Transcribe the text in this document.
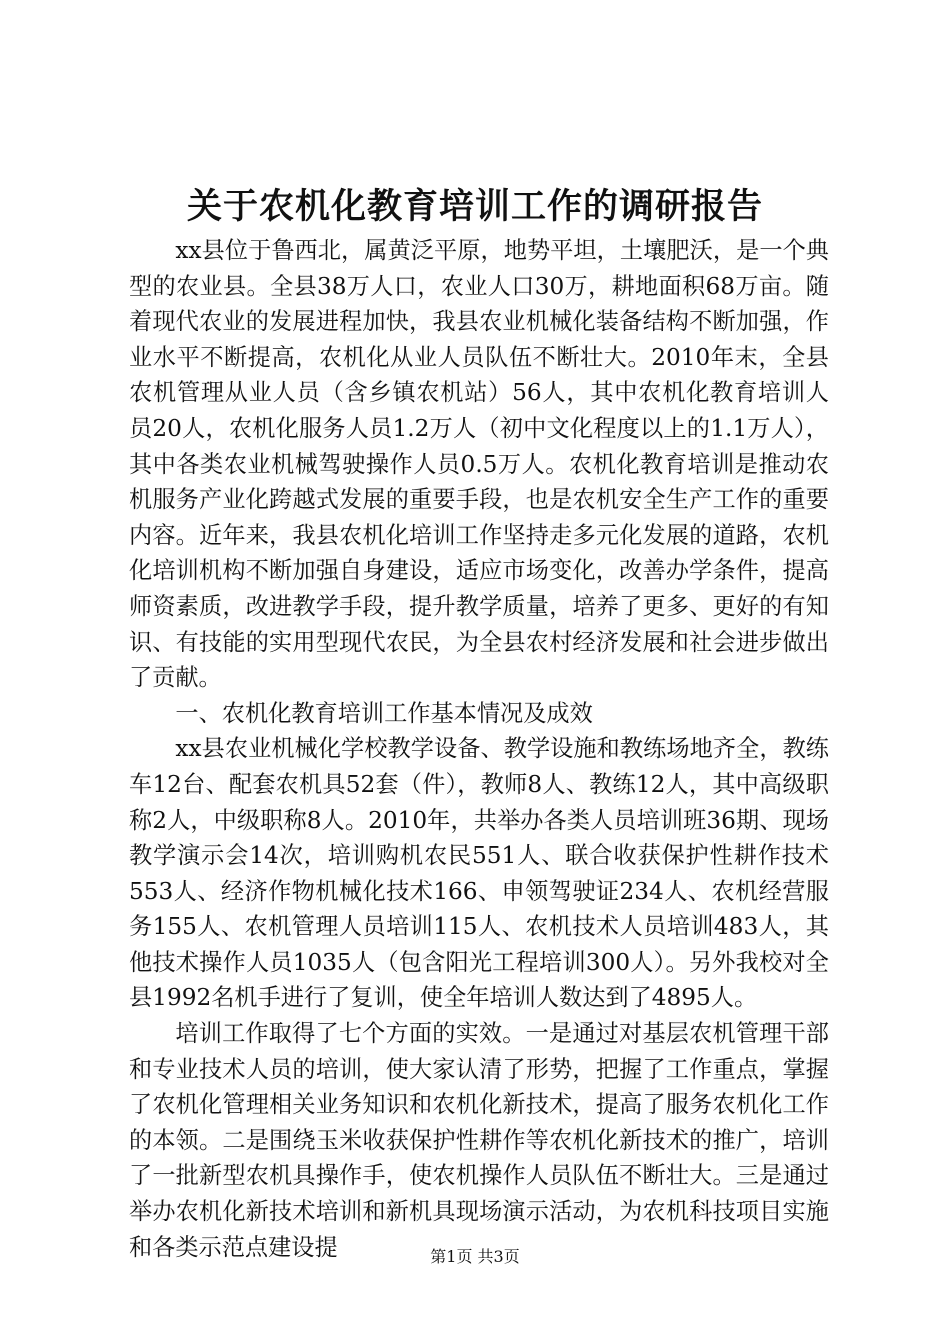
关于农机化教育培训工作的调研报告

xx县位于鲁西北，属黄泛平原，地势平坦，土壤肥沃，是一个典型的农业县。全县38万人口，农业人口30万，耕地面积68万亩。随着现代农业的发展进程加快，我县农业机械化装备结构不断加强，作业水平不断提高，农机化从业人员队伍不断壮大。2010年末，全县农机管理从业人员（含乡镇农机站）56人，其中农机化教育培训人员20人，农机化服务人员1.2万人（初中文化程度以上的1.1万人），其中各类农业机械驾驶操作人员0.5万人。农机化教育培训是推动农机服务产业化跨越式发展的重要手段，也是农机安全生产工作的重要内容。近年来，我县农机化培训工作坚持走多元化发展的道路，农机化培训机构不断加强自身建设，适应市场变化，改善办学条件，提高师资素质，改进教学手段，提升教学质量，培养了更多、更好的有知识、有技能的实用型现代农民，为全县农村经济发展和社会进步做出了贡献。

一、农机化教育培训工作基本情况及成效

xx县农业机械化学校教学设备、教学设施和教练场地齐全，教练车12台、配套农机具52套（件），教师8人、教练12人，其中高级职称2人，中级职称8人。2010年，共举办各类人员培训班36期、现场教学演示会14次，培训购机农民551人、联合收获保护性耕作技术553人、经济作物机械化技术166、申领驾驶证234人、农机经营服务155人、农机管理人员培训115人、农机技术人员培训483人，其他技术操作人员1035人（包含阳光工程培训300人）。另外我校对全县1992名机手进行了复训，使全年培训人数达到了4895人。

培训工作取得了七个方面的实效。一是通过对基层农机管理干部和专业技术人员的培训，使大家认清了形势，把握了工作重点，掌握了农机化管理相关业务知识和农机化新技术，提高了服务农机化工作的本领。二是围绕玉米收获保护性耕作等农机化新技术的推广，培训了一批新型农机具操作手，使农机操作人员队伍不断壮大。三是通过举办农机化新技术培训和新机具现场演示活动，为农机科技项目实施和各类示范点建设提	第1页 共3页
